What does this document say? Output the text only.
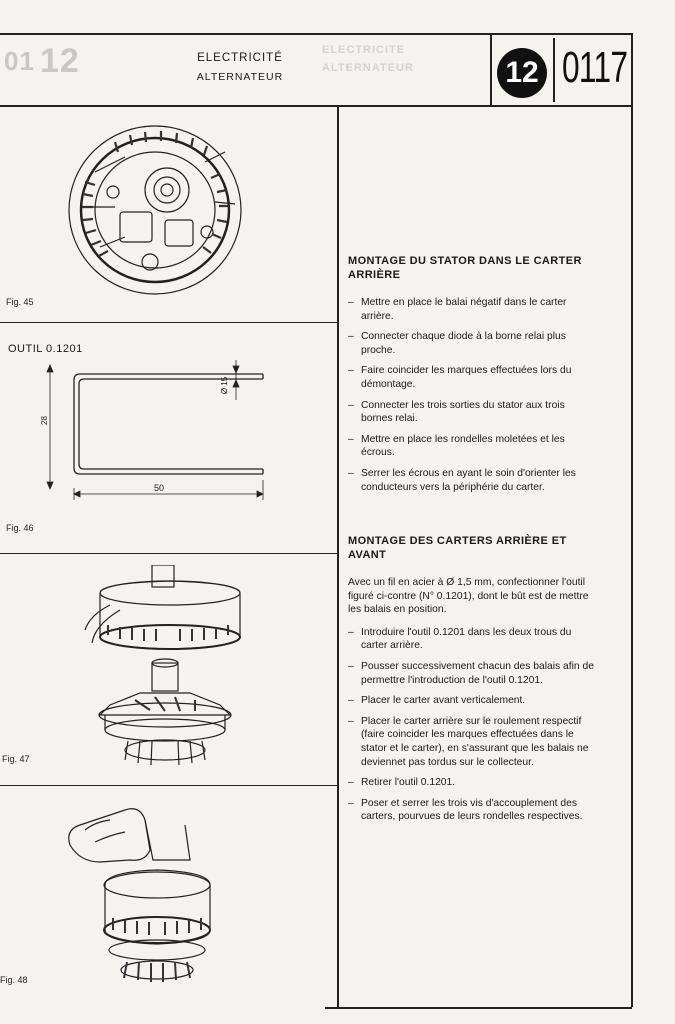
ELECTRICITE
ALTERNATEUR
12
01	ELECTRICITÉ
ALTERNATEUR	12 0117
Fig. 45
OUTIL 0.1201
28
Ø 15
50
Fig. 46
Fig. 47
Fig. 48

MONTAGE DU STATOR DANS LE CARTER ARRIÈRE

– Mettre en place le balai négatif dans le carter arrière.
– Connecter chaque diode à la borne relai plus proche.
– Faire coincider les marques effectuées lors du démontage.
– Connecter les trois sorties du stator aux trois bornes relai.
– Mettre en place les rondelles moletées et les écrous.
– Serrer les écrous en ayant le soin d'orienter les conducteurs vers la périphérie du carter.

MONTAGE DES CARTERS ARRIÈRE ET AVANT

Avec un fil en acier à Ø 1,5 mm, confectionner l'outil figuré ci-contre (N° 0.1201), dont le bût est de mettre les balais en position.

– Introduire l'outil 0.1201 dans les deux trous du carter arrière.
– Pousser successivement chacun des balais afin de permettre l'introduction de l'outil 0.1201.
– Placer le carter avant verticalement.
– Placer le carter arrière sur le roulement respectif (faire coincider les marques effectuées dans le stator et le carter), en s'assurant que les balais ne deviennet pas tordus sur le collecteur.
– Retirer l'outil 0.1201.
– Poser et serrer les trois vis d'accouplement des carters, pourvues de leurs rondelles respectives.
